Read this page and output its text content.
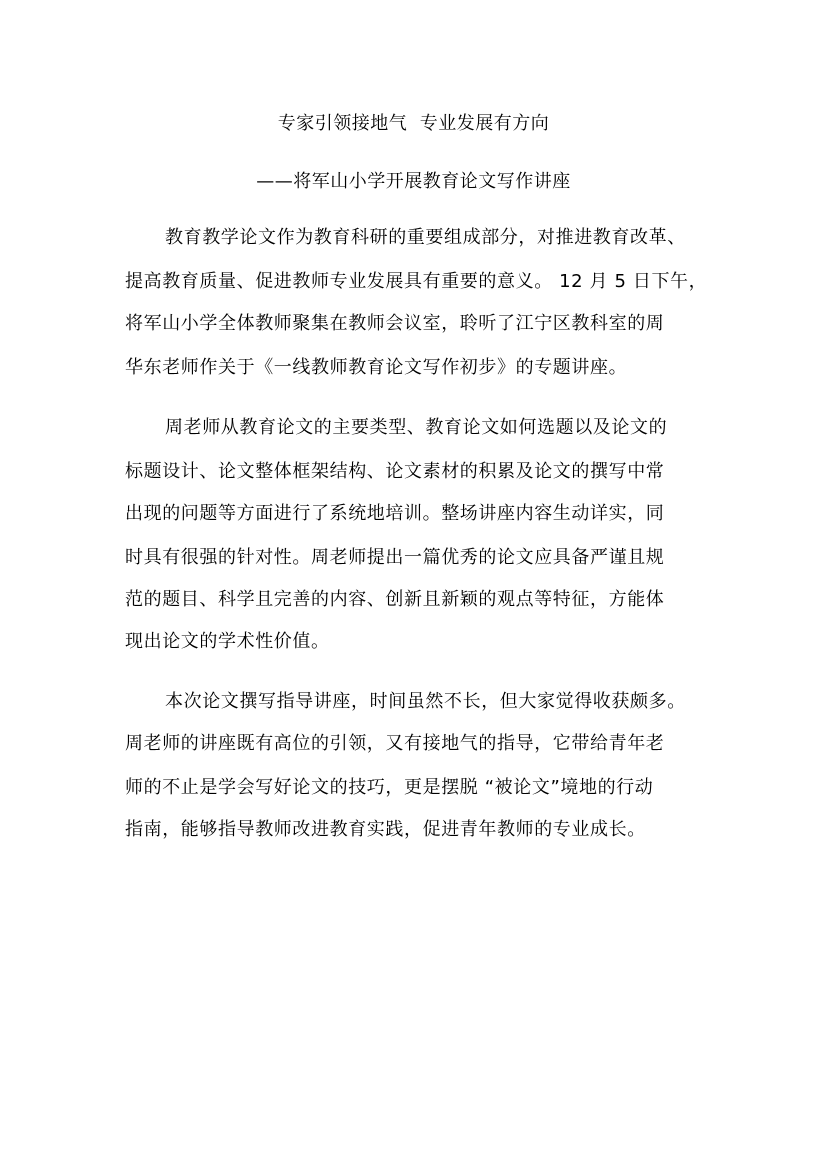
专家引领接地气  专业发展有方向
——将军山小学开展教育论文写作讲座
教育教学论文作为教育科研的重要组成部分，对推进教育改革、
提高教育质量、促进教师专业发展具有重要的意义。 12 月 5 日下午，
将军山小学全体教师聚集在教师会议室，聆听了江宁区教科室的周
华东老师作关于《一线教师教育论文写作初步》的专题讲座。
周老师从教育论文的主要类型、教育论文如何选题以及论文的
标题设计、论文整体框架结构、论文素材的积累及论文的撰写中常
出现的问题等方面进行了系统地培训。整场讲座内容生动详实，同
时具有很强的针对性。周老师提出一篇优秀的论文应具备严谨且规
范的题目、科学且完善的内容、创新且新颖的观点等特征，方能体
现出论文的学术性价值。
本次论文撰写指导讲座，时间虽然不长，但大家觉得收获颇多。
周老师的讲座既有高位的引领，又有接地气的指导，它带给青年老
师的不止是学会写好论文的技巧，更是摆脱 “被论文”境地的行动
指南，能够指导教师改进教育实践，促进青年教师的专业成长。
